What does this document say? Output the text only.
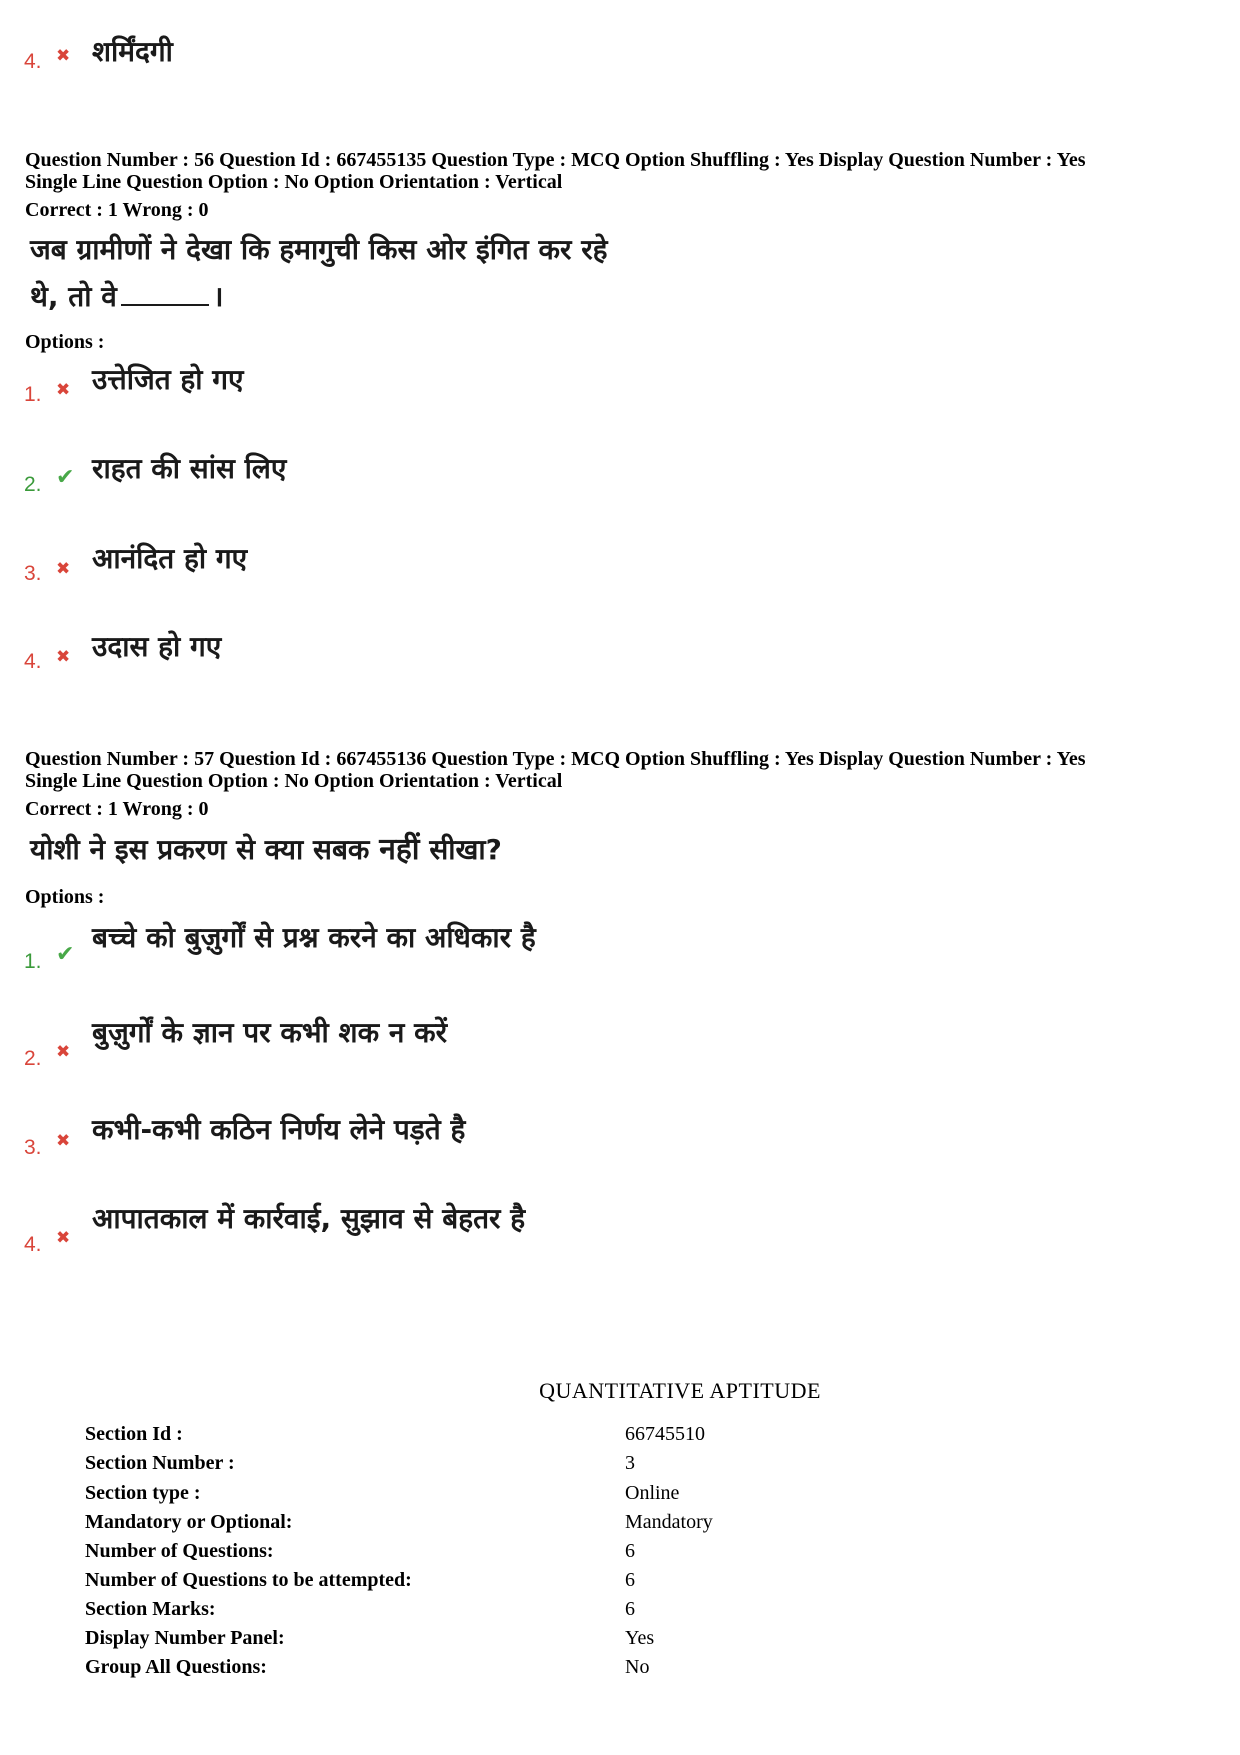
4. ✖ शर्मिंदगी
Question Number : 56 Question Id : 667455135 Question Type : MCQ Option Shuffling : Yes Display Question Number : Yes
Single Line Question Option : No Option Orientation : Vertical
Correct : 1 Wrong : 0
जब ग्रामीणों ने देखा कि हमागुची किस ओर इंगित कर रहे
थे, तो वे	।
Options :
1. ✖ उत्तेजित हो गए
2. ✔ राहत की सांस लिए
3. ✖ आनंदित हो गए
4. ✖ उदास हो गए
Question Number : 57 Question Id : 667455136 Question Type : MCQ Option Shuffling : Yes Display Question Number : Yes
Single Line Question Option : No Option Orientation : Vertical
Correct : 1 Wrong : 0
योशी ने इस प्रकरण से क्या सबक नहीं सीखा?
Options :
1. ✔
बच्चे को बुज़ुर्गों से प्रश्न करने का अधिकार है
2. ✖
बुज़ुर्गों के ज्ञान पर कभी शक न करें
3. ✖ कभी-कभी कठिन निर्णय लेने पड़ते है
4. ✖
आपातकाल में कार्रवाई, सुझाव से बेहतर है
QUANTITATIVE APTITUDE
Section Id :	66745510
Section Number :	3
Section type :	Online
Mandatory or Optional:	Mandatory
Number of Questions:	6
Number of Questions to be attempted:	6
Section Marks:	6
Display Number Panel:	Yes
Group All Questions:	No
